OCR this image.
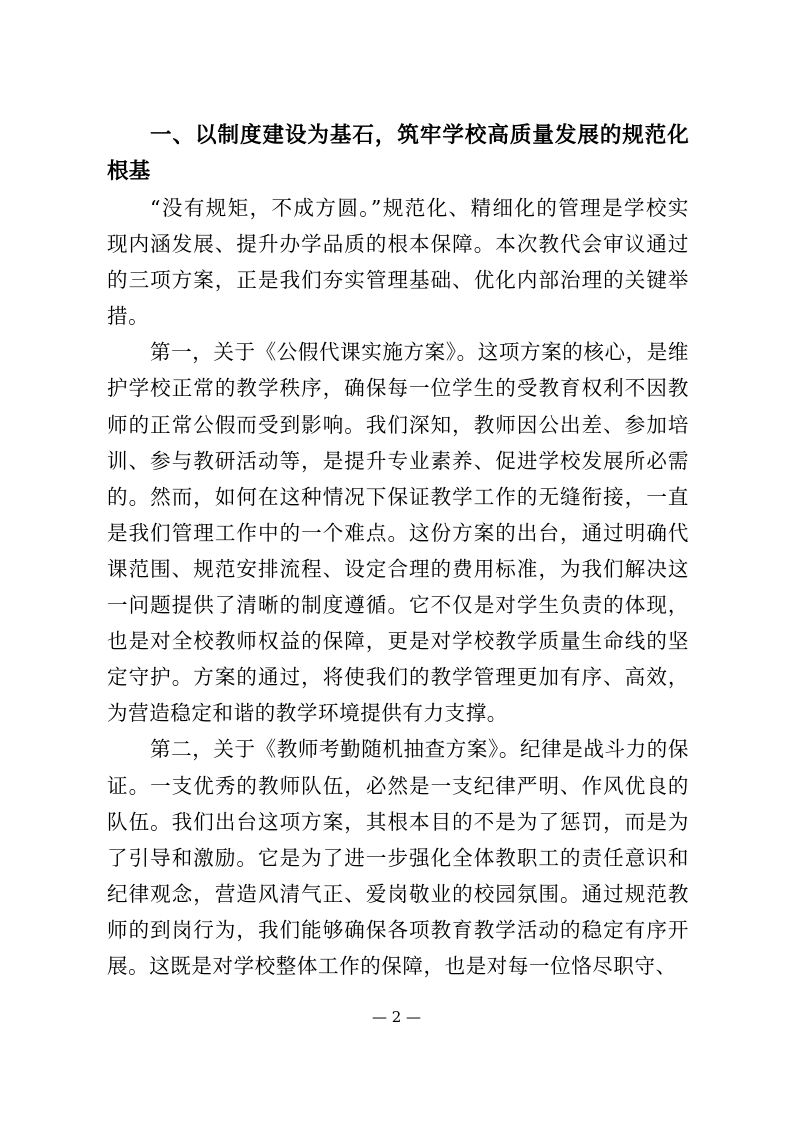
一、以制度建设为基石，筑牢学校高质量发展的规范化根基

“没有规矩，不成方圆。”规范化、精细化的管理是学校实现内涵发展、提升办学品质的根本保障。本次教代会审议通过的三项方案，正是我们夯实管理基础、优化内部治理的关键举措。

第一，关于《公假代课实施方案》。这项方案的核心，是维护学校正常的教学秩序，确保每一位学生的受教育权利不因教师的正常公假而受到影响。我们深知，教师因公出差、参加培训、参与教研活动等，是提升专业素养、促进学校发展所必需的。然而，如何在这种情况下保证教学工作的无缝衔接，一直是我们管理工作中的一个难点。这份方案的出台，通过明确代课范围、规范安排流程、设定合理的费用标准，为我们解决这一问题提供了清晰的制度遵循。它不仅是对学生负责的体现，也是对全校教师权益的保障，更是对学校教学质量生命线的坚定守护。方案的通过，将使我们的教学管理更加有序、高效，为营造稳定和谐的教学环境提供有力支撑。

第二，关于《教师考勤随机抽查方案》。纪律是战斗力的保证。一支优秀的教师队伍，必然是一支纪律严明、作风优良的队伍。我们出台这项方案，其根本目的不是为了惩罚，而是为了引导和激励。它是为了进一步强化全体教职工的责任意识和纪律观念，营造风清气正、爱岗敬业的校园氛围。通过规范教师的到岗行为，我们能够确保各项教育教学活动的稳定有序开展。这既是对学校整体工作的保障，也是对每一位恪尽职守、

— 2 —
